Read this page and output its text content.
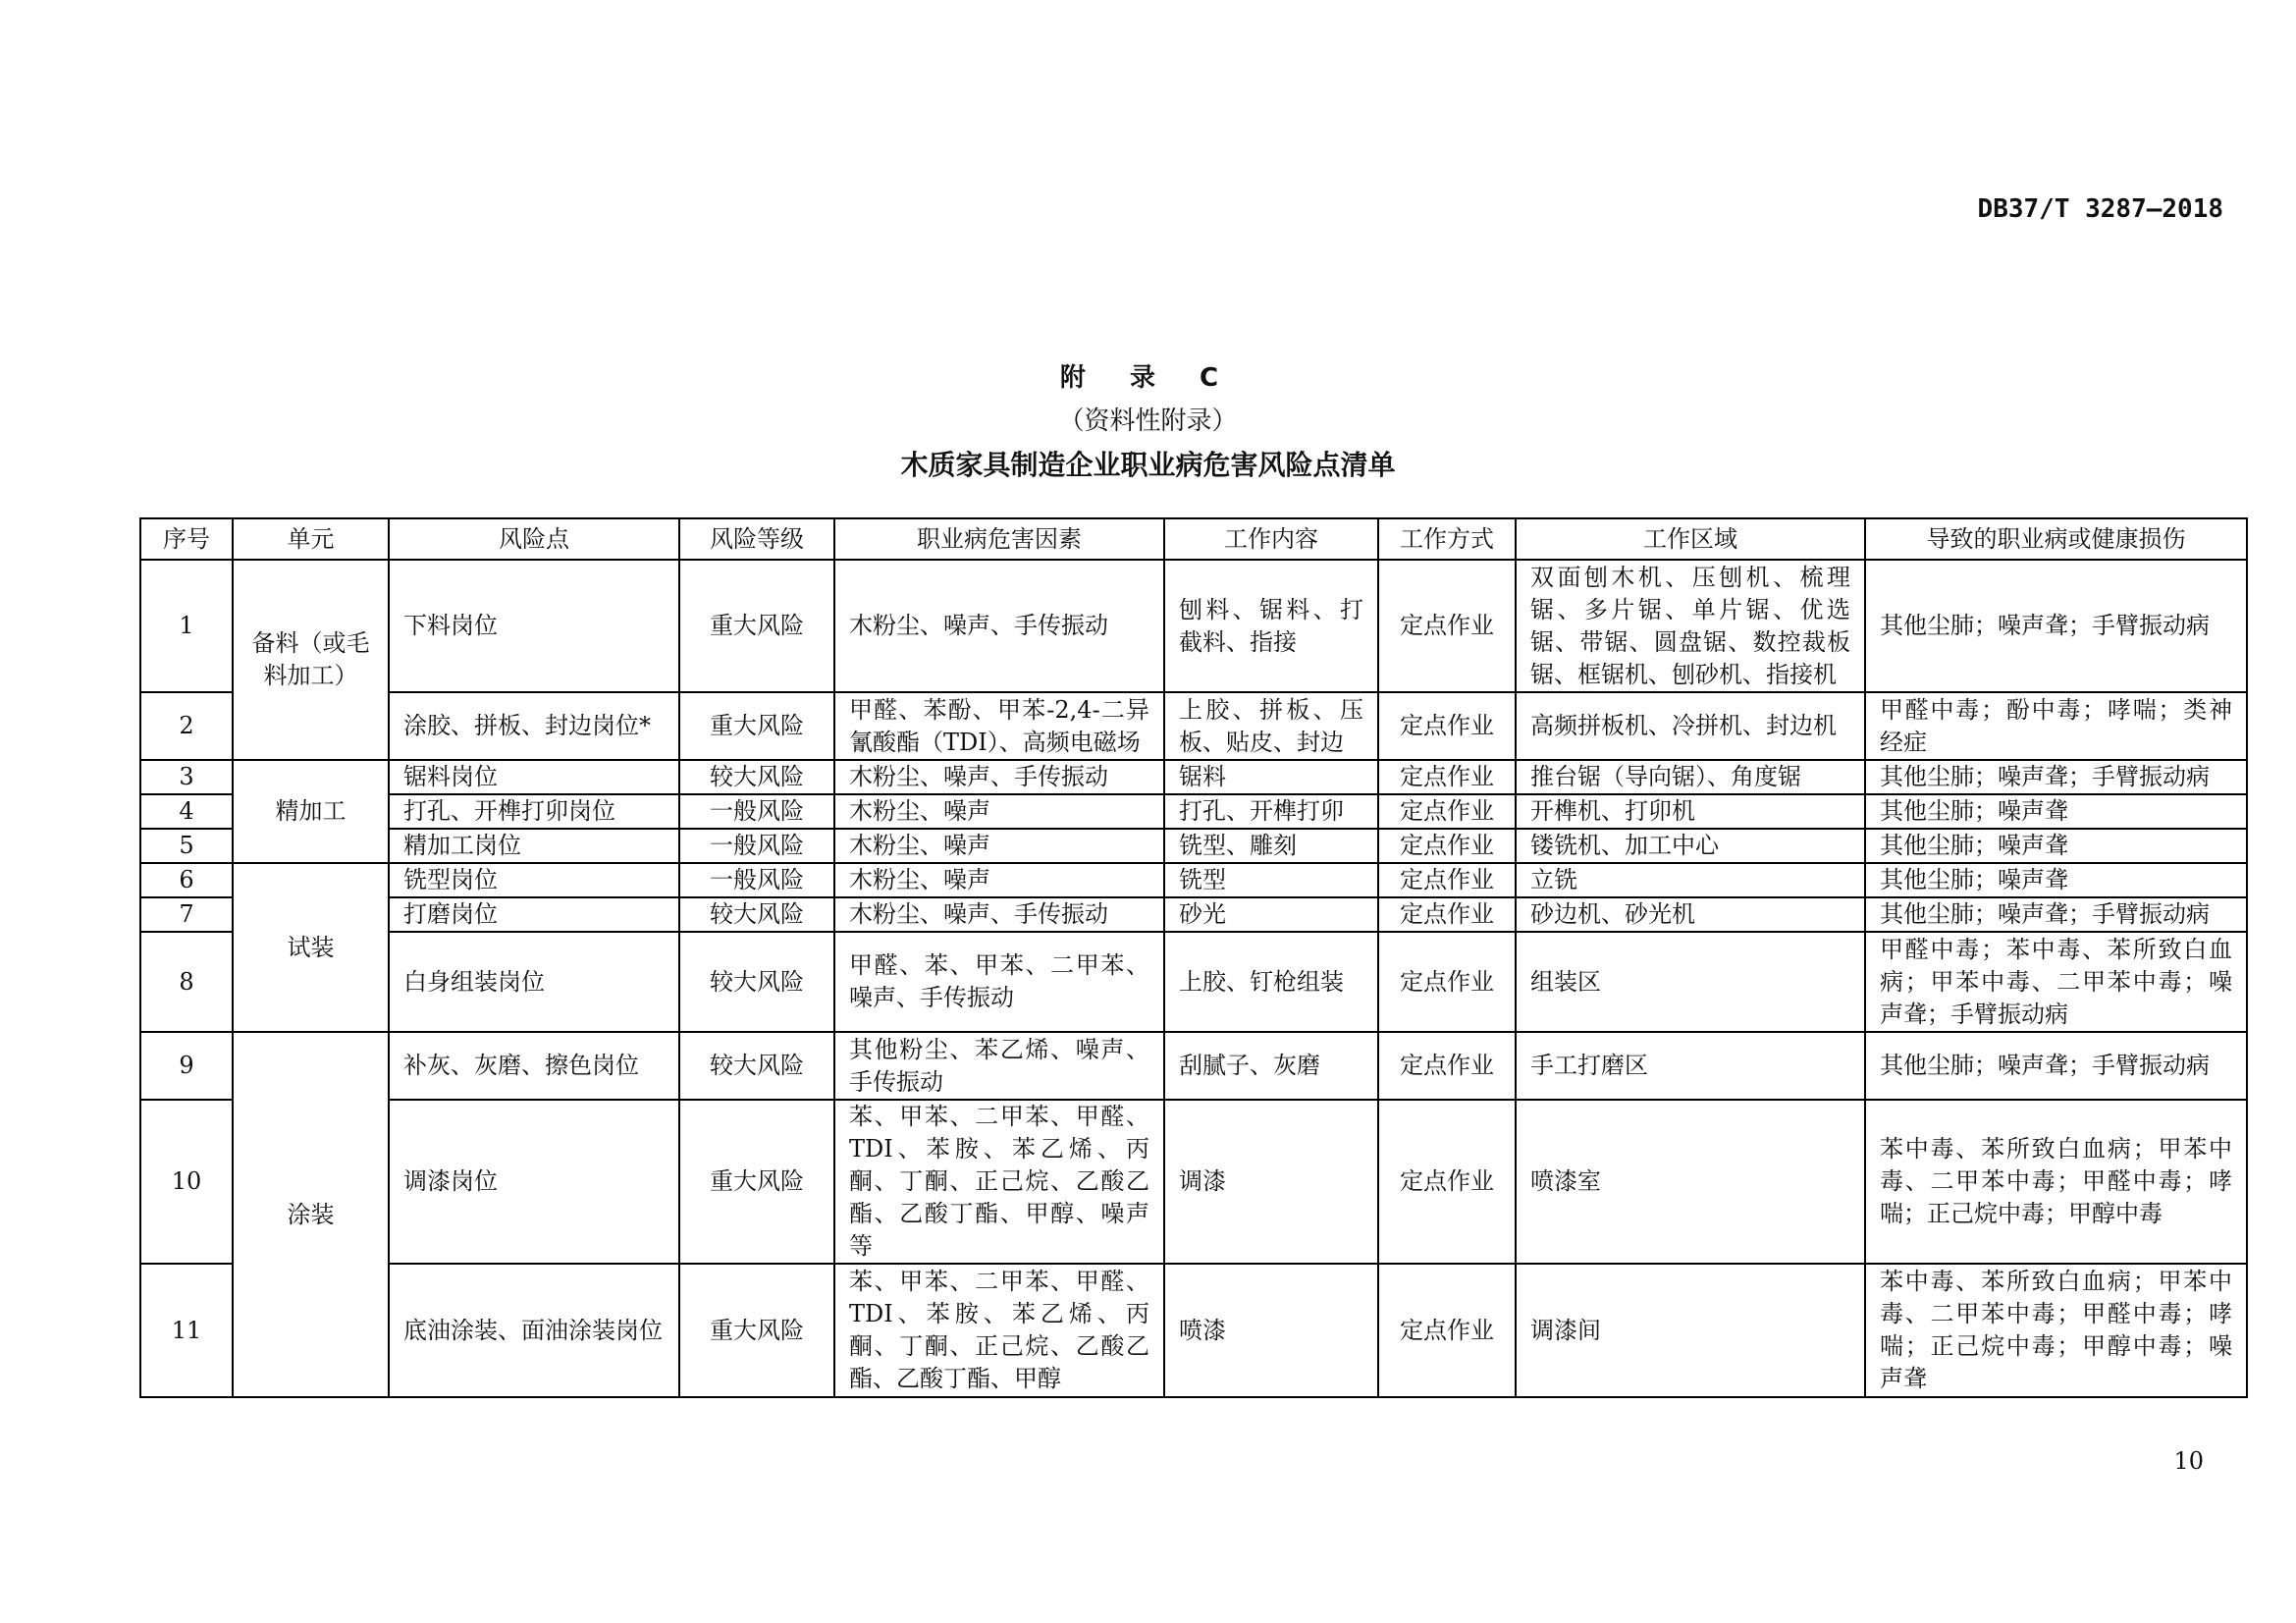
DB37/T 3287—2018
附 录 C
（资料性附录）
木质家具制造企业职业病危害风险点清单
序号	单元	风险点	风险等级	职业病危害因素	工作内容	工作方式	工作区域	导致的职业病或健康损伤
1	备料（或毛料加工）	下料岗位	重大风险	木粉尘、噪声、手传振动	刨料、锯料、打截料、指接	定点作业	双面刨木机、压刨机、梳理锯、多片锯、单片锯、优选锯、带锯、圆盘锯、数控裁板锯、框锯机、刨砂机、指接机	其他尘肺；噪声聋；手臂振动病
2		涂胶、拼板、封边岗位*	重大风险	甲醛、苯酚、甲苯-2,4-二异氰酸酯（TDI）、高频电磁场	上胶、拼板、压板、贴皮、封边	定点作业	高频拼板机、冷拼机、封边机	甲醛中毒；酚中毒；哮喘；类神经症
3	精加工	锯料岗位	较大风险	木粉尘、噪声、手传振动	锯料	定点作业	推台锯（导向锯）、角度锯	其他尘肺；噪声聋；手臂振动病
4		打孔、开榫打卯岗位	一般风险	木粉尘、噪声	打孔、开榫打卯	定点作业	开榫机、打卯机	其他尘肺；噪声聋
5		精加工岗位	一般风险	木粉尘、噪声	铣型、雕刻	定点作业	镂铣机、加工中心	其他尘肺；噪声聋
6	试装	铣型岗位	一般风险	木粉尘、噪声	铣型	定点作业	立铣	其他尘肺；噪声聋
7		打磨岗位	较大风险	木粉尘、噪声、手传振动	砂光	定点作业	砂边机、砂光机	其他尘肺；噪声聋；手臂振动病
8		白身组装岗位	较大风险	甲醛、苯、甲苯、二甲苯、噪声、手传振动	上胶、钉枪组装	定点作业	组装区	甲醛中毒；苯中毒、苯所致白血病；甲苯中毒、二甲苯中毒；噪声聋；手臂振动病
9	涂装	补灰、灰磨、擦色岗位	较大风险	其他粉尘、苯乙烯、噪声、手传振动	刮腻子、灰磨	定点作业	手工打磨区	其他尘肺；噪声聋；手臂振动病
10		调漆岗位	重大风险	苯、甲苯、二甲苯、甲醛、TDI、苯胺、苯乙烯、丙酮、丁酮、正己烷、乙酸乙酯、乙酸丁酯、甲醇、噪声等	调漆	定点作业	喷漆室	苯中毒、苯所致白血病；甲苯中毒、二甲苯中毒；甲醛中毒；哮喘；正己烷中毒；甲醇中毒
11		底油涂装、面油涂装岗位	重大风险	苯、甲苯、二甲苯、甲醛、TDI、苯胺、苯乙烯、丙酮、丁酮、正己烷、乙酸乙酯、乙酸丁酯、甲醇	喷漆	定点作业	调漆间	苯中毒、苯所致白血病；甲苯中毒、二甲苯中毒；甲醛中毒；哮喘；正己烷中毒；甲醇中毒；噪声聋
10
